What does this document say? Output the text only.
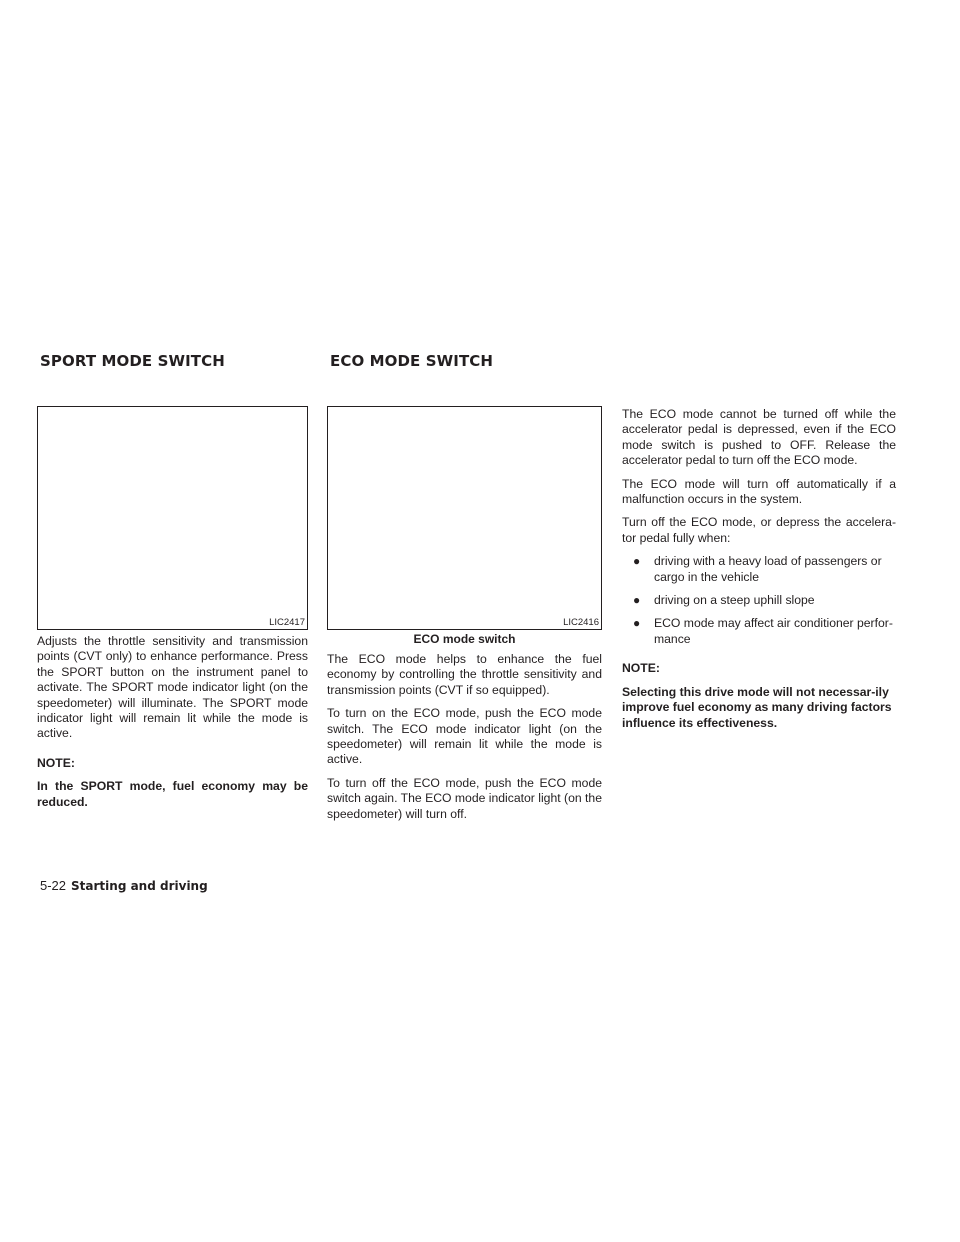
SPORT MODE SWITCH	ECO MODE SWITCH
LIC2417

Adjusts the throttle sensitivity and transmission points (CVT only) to enhance performance. Press the SPORT button on the instrument panel to activate. The SPORT mode indicator light (on the speedometer) will illuminate. The SPORT mode indicator light will remain lit while the mode is active.

NOTE:

In the SPORT mode, fuel economy may be reduced.

LIC2416
ECO mode switch

The ECO mode helps to enhance the fuel economy by controlling the throttle sensitivity and transmission points (CVT if so equipped).

To turn on the ECO mode, push the ECO mode switch. The ECO mode indicator light (on the speedometer) will remain lit while the mode is active.

To turn off the ECO mode, push the ECO mode switch again. The ECO mode indicator light (on the speedometer) will turn off.

The ECO mode cannot be turned off while the accelerator pedal is depressed, even if the ECO mode switch is pushed to OFF. Release the accelerator pedal to turn off the ECO mode.

The ECO mode will turn off automatically if a malfunction occurs in the system.

Turn off the ECO mode, or depress the accelera-tor pedal fully when:

● driving with a heavy load of passengers or cargo in the vehicle
● driving on a steep uphill slope
● ECO mode may affect air conditioner perfor-mance

NOTE:

Selecting this drive mode will not necessar-ily improve fuel economy as many driving factors influence its effectiveness.

5-22 Starting and driving
